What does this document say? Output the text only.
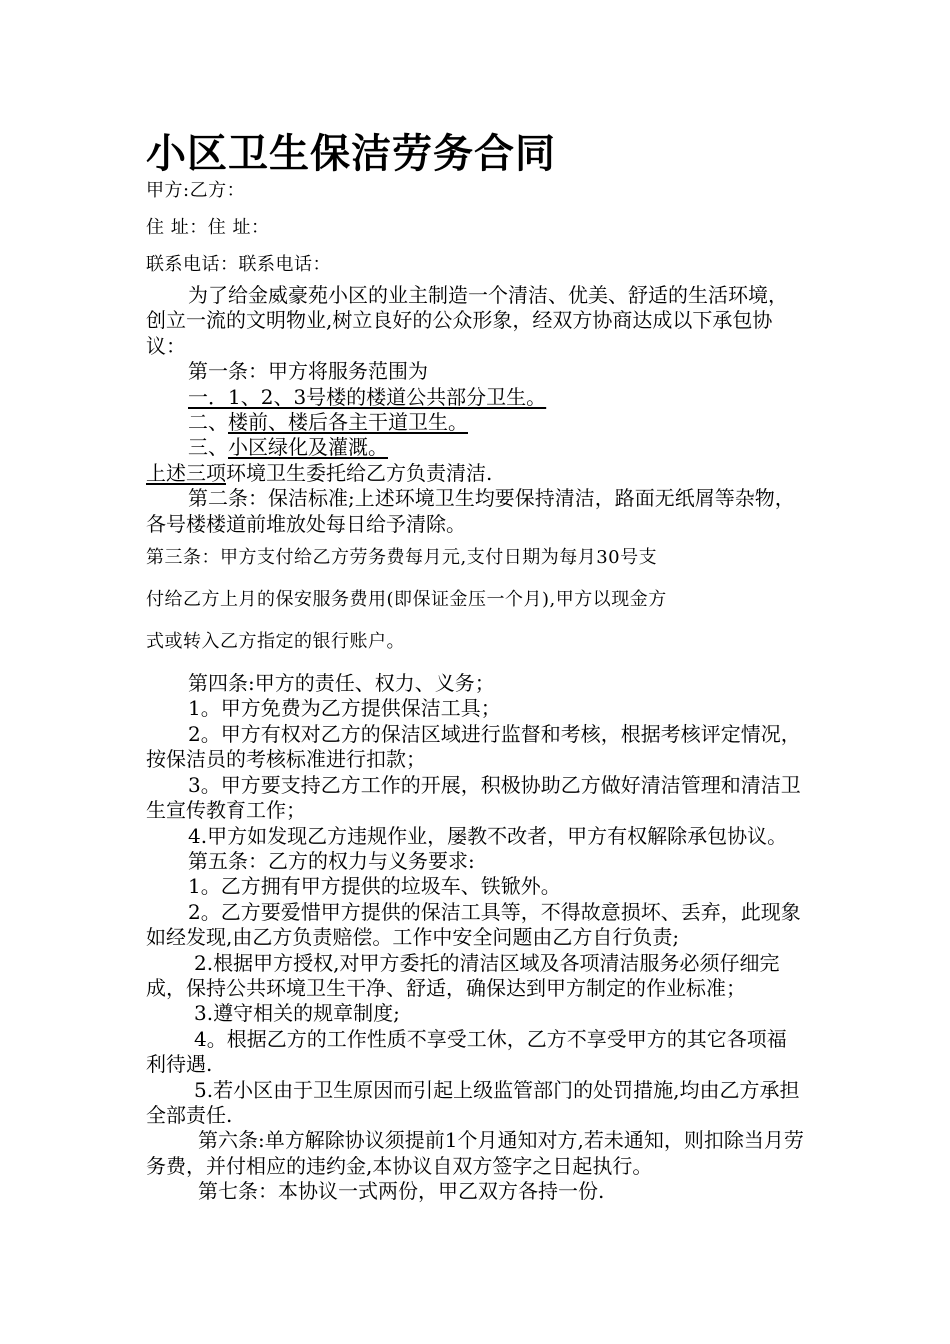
小区卫生保洁劳务合同
甲方:乙方：
住 址：住 址：
联系电话：联系电话：

为了给金威豪苑小区的业主制造一个清洁、优美、舒适的生活环境，创立一流的文明物业,树立良好的公众形象，经双方协商达成以下承包协议：

第一条：甲方将服务范围为

一．1、2、3号楼的楼道公共部分卫生。

二、楼前、楼后各主干道卫生。

三、小区绿化及灌溉。

上述三项环境卫生委托给乙方负责清洁.

第二条：保洁标准;上述环境卫生均要保持清洁，路面无纸屑等杂物，各号楼楼道前堆放处每日给予清除。

第三条：甲方支付给乙方劳务费每月元,支付日期为每月30号支

付给乙方上月的保安服务费用(即保证金压一个月),甲方以现金方

式或转入乙方指定的银行账户。

第四条:甲方的责任、权力、义务；

1。甲方免费为乙方提供保洁工具；

2。甲方有权对乙方的保洁区域进行监督和考核，根据考核评定情况，按保洁员的考核标准进行扣款；

3。甲方要支持乙方工作的开展，积极协助乙方做好清洁管理和清洁卫生宣传教育工作；

4.甲方如发现乙方违规作业，屡教不改者，甲方有权解除承包协议。

第五条：乙方的权力与义务要求:

1。乙方拥有甲方提供的垃圾车、铁锨外。

2。乙方要爱惜甲方提供的保洁工具等，不得故意损坏、丢弃，此现象如经发现,由乙方负责赔偿。工作中安全问题由乙方自行负责;

2.根据甲方授权,对甲方委托的清洁区域及各项清洁服务必须仔细完成，保持公共环境卫生干净、舒适，确保达到甲方制定的作业标准；

3.遵守相关的规章制度;

4。根据乙方的工作性质不享受工休，乙方不享受甲方的其它各项福利待遇.

5.若小区由于卫生原因而引起上级监管部门的处罚措施,均由乙方承担全部责任.

第六条:单方解除协议须提前1个月通知对方,若未通知，则扣除当月劳务费，并付相应的违约金,本协议自双方签字之日起执行。

第七条：本协议一式两份，甲乙双方各持一份.
